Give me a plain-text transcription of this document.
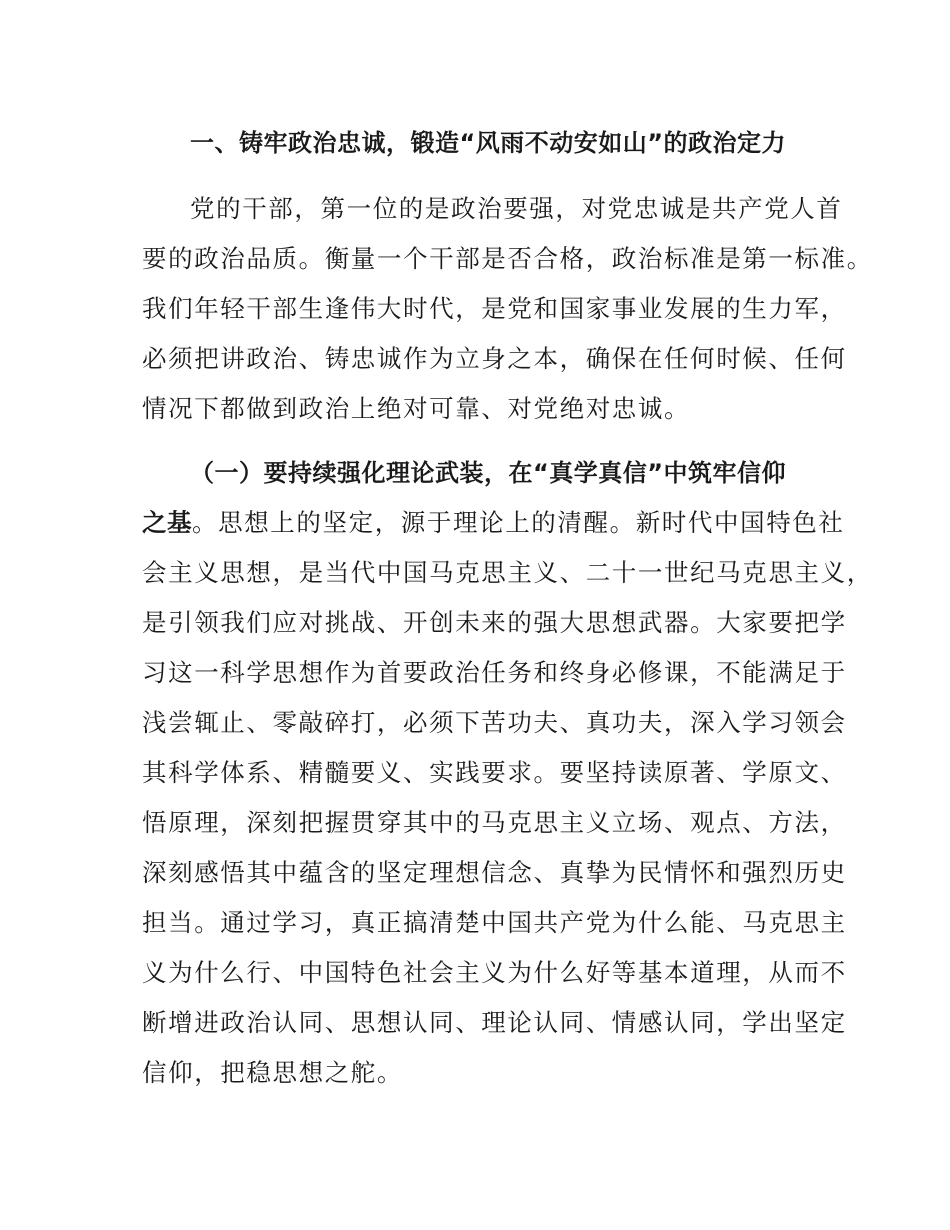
一、铸牢政治忠诚，锻造“风雨不动安如山”的政治定力
党的干部，第一位的是政治要强，对党忠诚是共产党人首
要的政治品质。衡量一个干部是否合格，政治标准是第一标准。
我们年轻干部生逢伟大时代，是党和国家事业发展的生力军，
必须把讲政治、铸忠诚作为立身之本，确保在任何时候、任何
情况下都做到政治上绝对可靠、对党绝对忠诚。
（一）要持续强化理论武装，在“真学真信”中筑牢信仰
之基。思想上的坚定，源于理论上的清醒。新时代中国特色社
会主义思想，是当代中国马克思主义、二十一世纪马克思主义，
是引领我们应对挑战、开创未来的强大思想武器。大家要把学
习这一科学思想作为首要政治任务和终身必修课，不能满足于
浅尝辄止、零敲碎打，必须下苦功夫、真功夫，深入学习领会
其科学体系、精髓要义、实践要求。要坚持读原著、学原文、
悟原理，深刻把握贯穿其中的马克思主义立场、观点、方法，
深刻感悟其中蕴含的坚定理想信念、真挚为民情怀和强烈历史
担当。通过学习，真正搞清楚中国共产党为什么能、马克思主
义为什么行、中国特色社会主义为什么好等基本道理，从而不
断增进政治认同、思想认同、理论认同、情感认同，学出坚定
信仰，把稳思想之舵。
